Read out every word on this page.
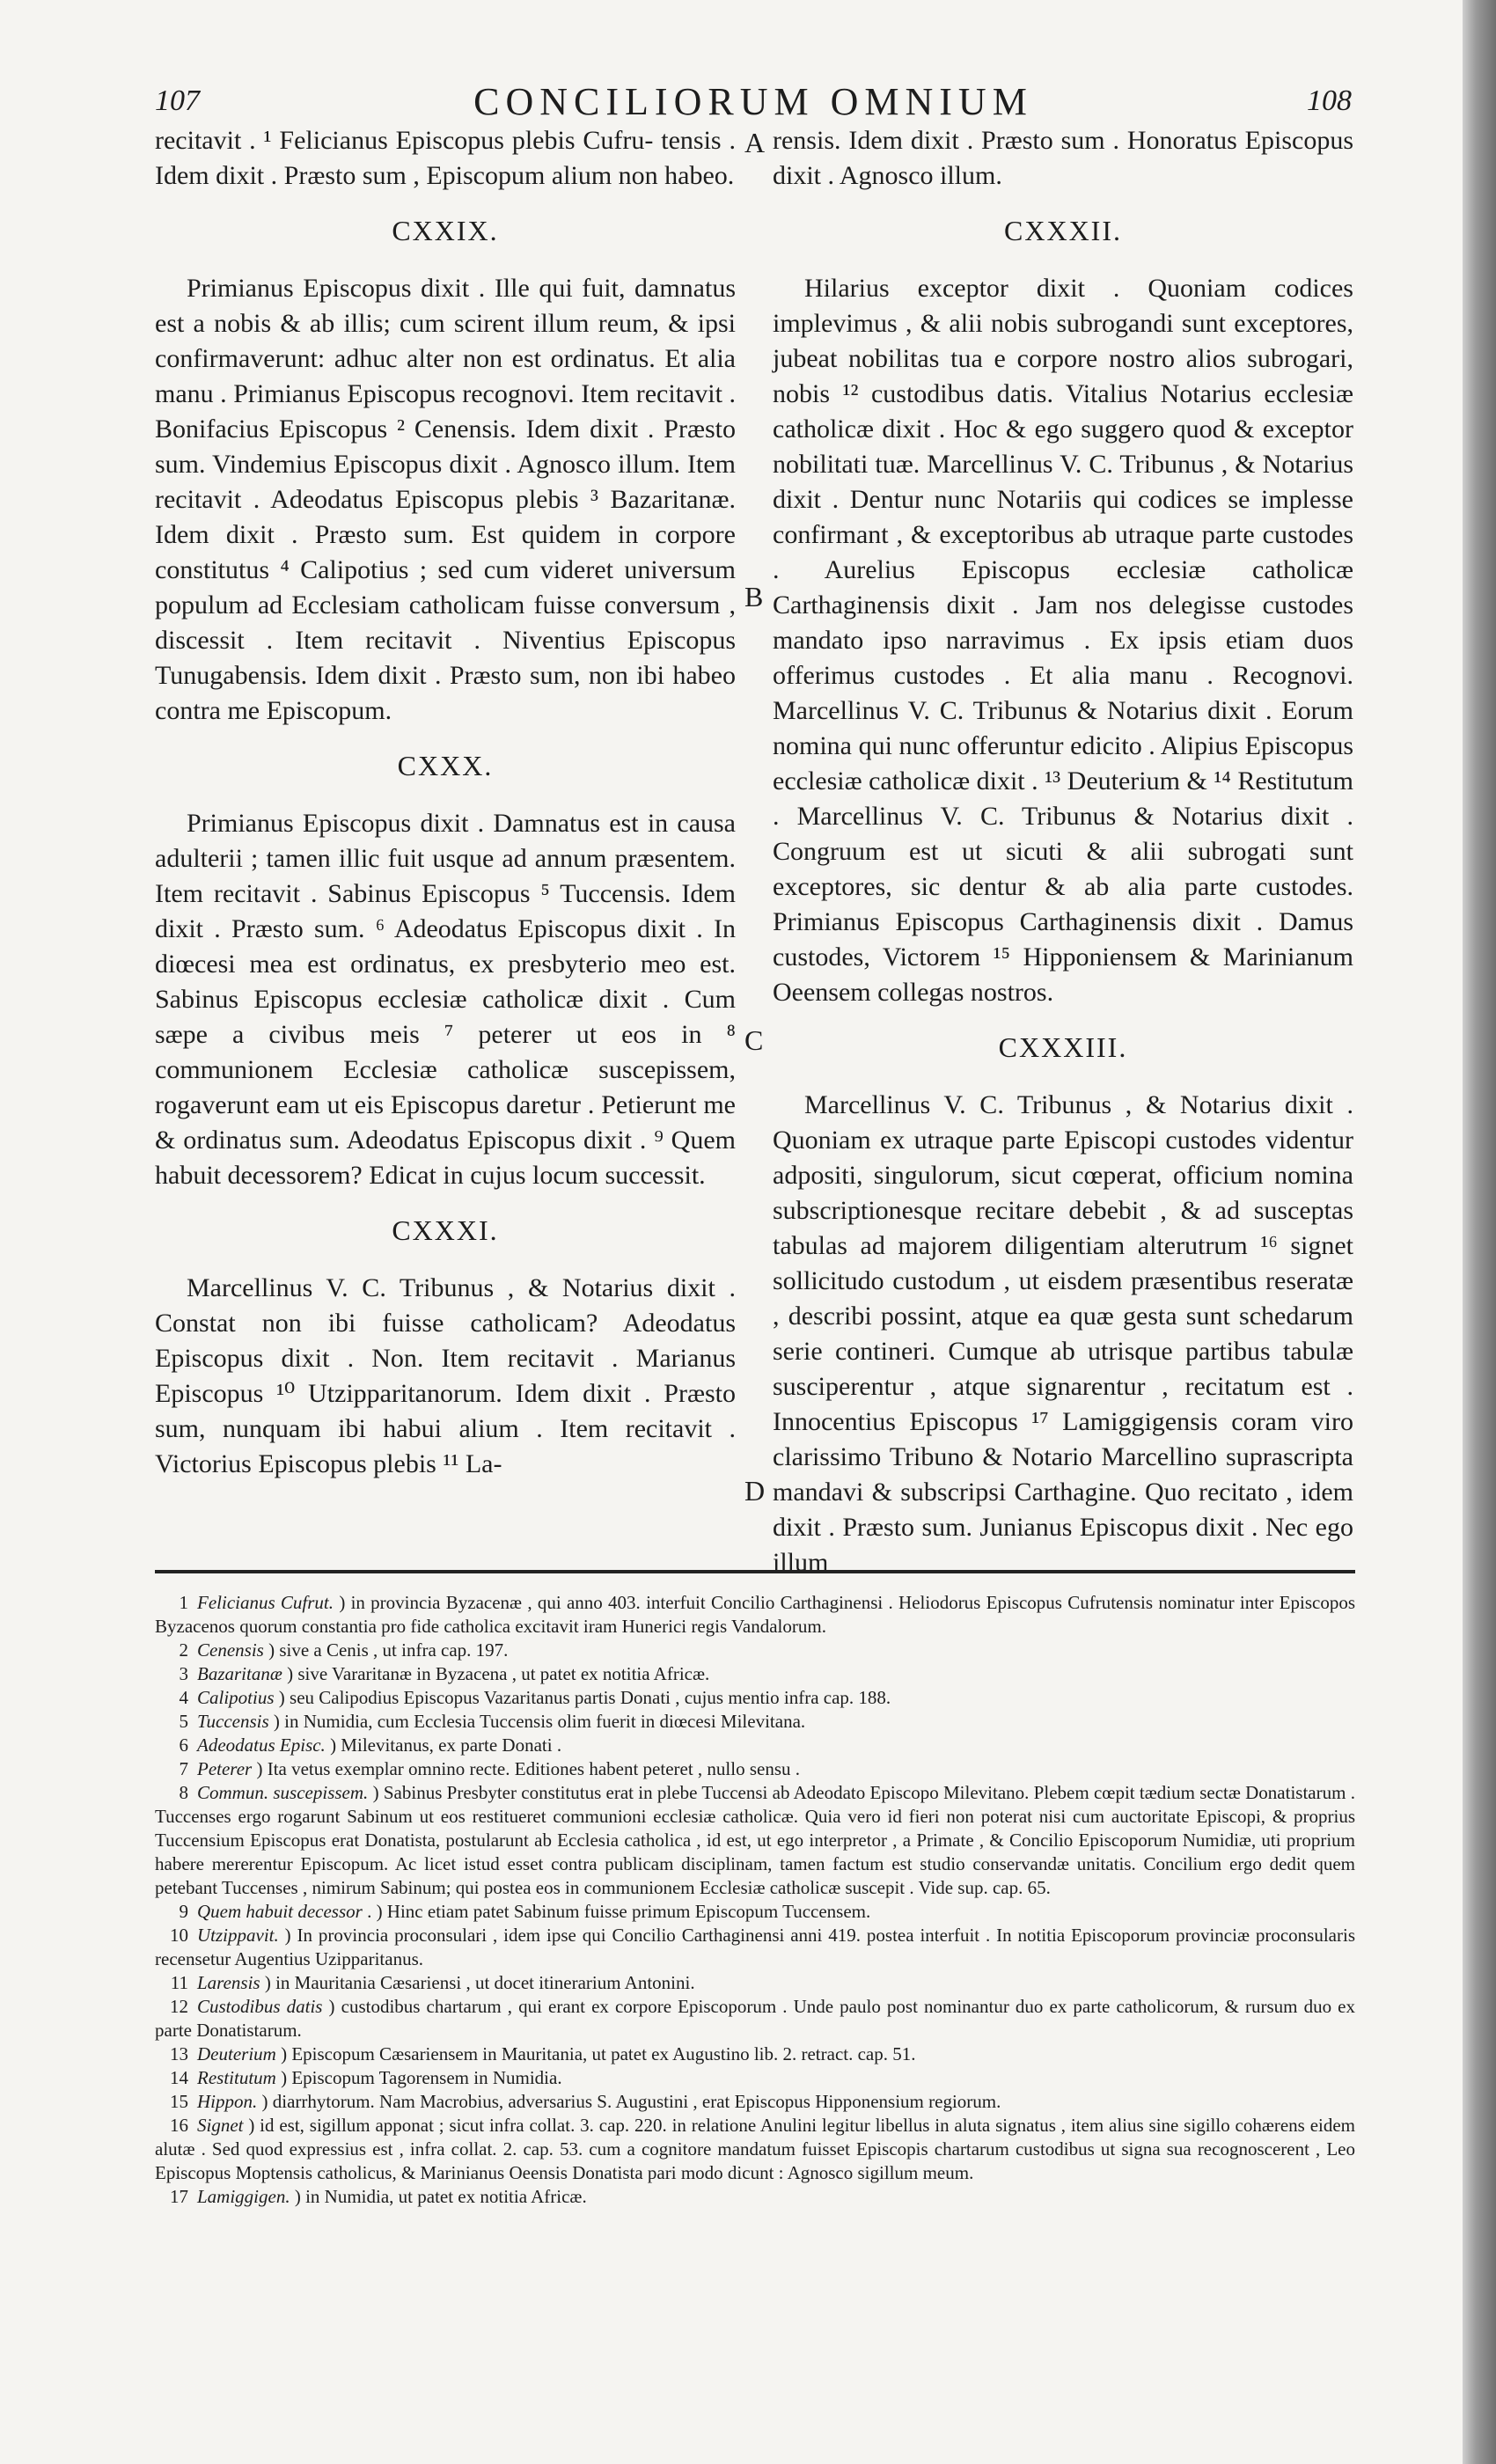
107	CONCILIORUM OMNIUM	108

recitavit . ¹ Felicianus Episcopus plebis Cufru- tensis . Idem dixit . Præsto sum , Episcopum alium non habeo.

CXXIX.

Primianus Episcopus dixit . Ille qui fuit, damnatus est a nobis & ab illis; cum scirent illum reum, & ipsi confirmaverunt: adhuc alter non est ordinatus. Et alia manu . Primianus Episcopus recognovi. Item recitavit . Bonifacius Episcopus ² Cenensis. Idem dixit . Præsto sum. Vindemius Episcopus dixit . Agnosco illum. Item recitavit . Adeodatus Episcopus plebis ³ Bazaritanæ. Idem dixit . Præsto sum. Est quidem in corpore constitutus ⁴ Calipotius ; sed cum videret universum populum ad Ecclesiam catholicam fuisse conversum , discessit . Item recitavit . Niventius Episcopus Tunugabensis. Idem dixit . Præsto sum, non ibi habeo contra me Episcopum.

CXXX.

Primianus Episcopus dixit . Damnatus est in causa adulterii ; tamen illic fuit usque ad annum præsentem. Item recitavit . Sabinus Episcopus ⁵ Tuccensis. Idem dixit . Præsto sum. ⁶ Adeodatus Episcopus dixit . In diœcesi mea est ordinatus, ex presbyterio meo est. Sabinus Episcopus ecclesiæ catholicæ dixit . Cum sæpe a civibus meis ⁷ peterer ut eos in ⁸ communionem Ecclesiæ catholicæ suscepissem, rogaverunt eam ut eis Episcopus daretur . Petierunt me & ordinatus sum. Adeodatus Episcopus dixit . ⁹ Quem habuit decessorem? Edicat in cujus locum successit.

CXXXI.

Marcellinus V. C. Tribunus , & Notarius dixit . Constat non ibi fuisse catholicam? Adeodatus Episcopus dixit . Non. Item recitavit . Marianus Episcopus ¹⁰ Utzipparitanorum. Idem dixit . Præsto sum, nunquam ibi habui alium . Item recitavit . Victorius Episcopus plebis ¹¹ La-

rensis. Idem dixit . Præsto sum . Honoratus Episcopus dixit . Agnosco illum.

CXXXII.

Hilarius exceptor dixit . Quoniam codices implevimus , & alii nobis subrogandi sunt exceptores, jubeat nobilitas tua e corpore nostro alios subrogari, nobis ¹² custodibus datis. Vitalius Notarius ecclesiæ catholicæ dixit . Hoc & ego suggero quod & exceptor nobilitati tuæ. Marcellinus V. C. Tribunus , & Notarius dixit . Dentur nunc Notariis qui codices se implesse confirmant , & exceptoribus ab utraque parte custodes . Aurelius Episcopus ecclesiæ catholicæ Carthaginensis dixit . Jam nos delegisse custodes mandato ipso narravimus . Ex ipsis etiam duos offerimus custodes . Et alia manu . Recognovi. Marcellinus V. C. Tribunus & Notarius dixit . Eorum nomina qui nunc offeruntur edicito . Alipius Episcopus ecclesiæ catholicæ dixit . ¹³ Deuterium & ¹⁴ Restitutum . Marcellinus V. C. Tribunus & Notarius dixit . Congruum est ut sicuti & alii subrogati sunt exceptores, sic dentur & ab alia parte custodes. Primianus Episcopus Carthaginensis dixit . Damus custodes, Victorem ¹⁵ Hipponiensem & Marinianum Oeensem collegas nostros.

CXXXIII.

Marcellinus V. C. Tribunus , & Notarius dixit . Quoniam ex utraque parte Episcopi custodes videntur adpositi, singulorum, sicut cœperat, officium nomina subscriptionesque recitare debebit , & ad susceptas tabulas ad majorem diligentiam alterutrum ¹⁶ signet sollicitudo custodum , ut eisdem præsentibus reseratæ , describi possint, atque ea quæ gesta sunt schedarum serie contineri. Cumque ab utrisque partibus tabulæ susciperentur , atque signarentur , recitatum est . Innocentius Episcopus ¹⁷ Lamiggigensis coram viro clarissimo Tribuno & Notario Marcellino suprascripta mandavi & subscripsi Carthagine. Quo recitato , idem dixit . Præsto sum. Junianus Episcopus dixit . Nec ego illum

A
B
C
D

1 Felicianus Cufrut. ) in provincia Byzacenæ , qui anno 403. interfuit Concilio Carthaginensi . Heliodorus Episcopus Cufrutensis nominatur inter Episcopos Byzacenos quorum constantia pro fide catholica excitavit iram Hunerici regis Vandalorum.

2 Cenensis ) sive a Cenis , ut infra cap. 197.

3 Bazaritanæ ) sive Vararitanæ in Byzacena , ut patet ex notitia Africæ.

4 Calipotius ) seu Calipodius Episcopus Vazaritanus partis Donati , cujus mentio infra cap. 188.

5 Tuccensis ) in Numidia, cum Ecclesia Tuccensis olim fuerit in diœcesi Milevitana.

6 Adeodatus Episc. ) Milevitanus, ex parte Donati .

7 Peterer ) Ita vetus exemplar omnino recte. Editiones habent peteret , nullo sensu .

8 Commun. suscepissem. ) Sabinus Presbyter constitutus erat in plebe Tuccensi ab Adeodato Episcopo Milevitano. Plebem cœpit tædium sectæ Donatistarum . Tuccenses ergo rogarunt Sabinum ut eos restitueret communioni ecclesiæ catholicæ. Quia vero id fieri non poterat nisi cum auctoritate Episcopi, & proprius Tuccensium Episcopus erat Donatista, postularunt ab Ecclesia catholica , id est, ut ego interpretor , a Primate , & Concilio Episcoporum Numidiæ, uti proprium habere mererentur Episcopum. Ac licet istud esset contra publicam disciplinam, tamen factum est studio conservandæ unitatis. Concilium ergo dedit quem petebant Tuccenses , nimirum Sabinum; qui postea eos in communionem Ecclesiæ catholicæ suscepit . Vide sup. cap. 65.

9 Quem habuit decessor . ) Hinc etiam patet Sabinum fuisse primum Episcopum Tuccensem.

10 Utzippavit. ) In provincia proconsulari , idem ipse qui Concilio Carthaginensi anni 419. postea interfuit . In notitia Episcoporum provinciæ proconsularis recensetur Augentius Uzipparitanus.

11 Larensis ) in Mauritania Cæsariensi , ut docet itinerarium Antonini.

12 Custodibus datis ) custodibus chartarum , qui erant ex corpore Episcoporum . Unde paulo post nominantur duo ex parte catholicorum, & rursum duo ex parte Donatistarum.

13 Deuterium ) Episcopum Cæsariensem in Mauritania, ut patet ex Augustino lib. 2. retract. cap. 51.

14 Restitutum ) Episcopum Tagorensem in Numidia.

15 Hippon. ) diarrhytorum. Nam Macrobius, adversarius S. Augustini , erat Episcopus Hipponensium regiorum.

16 Signet ) id est, sigillum apponat ; sicut infra collat. 3. cap. 220. in relatione Anulini legitur libellus in aluta signatus , item alius sine sigillo cohærens eidem alutæ . Sed quod expressius est , infra collat. 2. cap. 53. cum a cognitore mandatum fuisset Episcopis chartarum custodibus ut signa sua recognoscerent , Leo Episcopus Moptensis catholicus, & Marinianus Oeensis Donatista pari modo dicunt : Agnosco sigillum meum.

17 Lamiggigen. ) in Numidia, ut patet ex notitia Africæ.
